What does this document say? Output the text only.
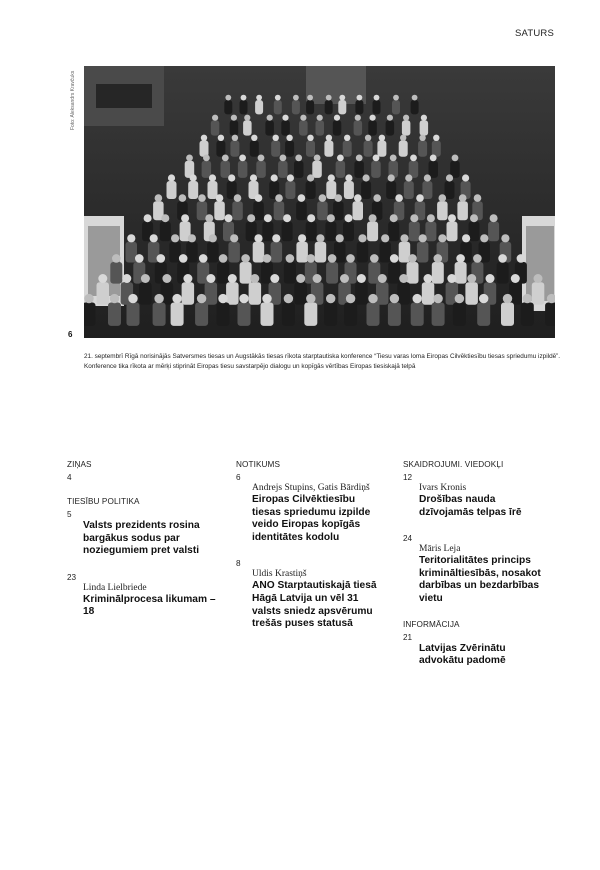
SATURS
Foto: Aleksandrs Kravčuks
6
21. septembrī Rīgā norisinājās Satversmes tiesas un Augstākās tiesas rīkota starptautiska konference “Tiesu varas loma Eiropas Cilvēktiesību tiesas spriedumu izpildē”. Konference tika rīkota ar mērķi stiprināt Eiropas tiesu savstarpējo dialogu un kopīgās vērtības Eiropas tiesiskajā telpā
ZIŅAS
4
TIESĪBU POLITIKA
5
Valsts prezidents rosina bargākus sodus par noziegumiem pret valsti
23
Linda Lielbriede
Kriminālprocesa likumam – 18
NOTIKUMS
6
Andrejs Stupins, Gatis Bārdiņš
Eiropas Cilvēktiesību tiesas spriedumu izpilde veido Eiropas kopīgās identitātes kodolu
8
Uldis Krastiņš
ANO Starptautiskajā tiesā Hāgā Latvija un vēl 31 valsts sniedz apsvērumu trešās puses statusā
SKAIDROJUMI. VIEDOKĻI
12
Ivars Kronis
Drošības nauda dzīvojamās telpas īrē
24
Māris Leja
Teritorialitātes princips krimināltiesībās, nosakot darbības un bezdarbības vietu
INFORMĀCIJA
21
Latvijas Zvērinātu advokātu padomē
